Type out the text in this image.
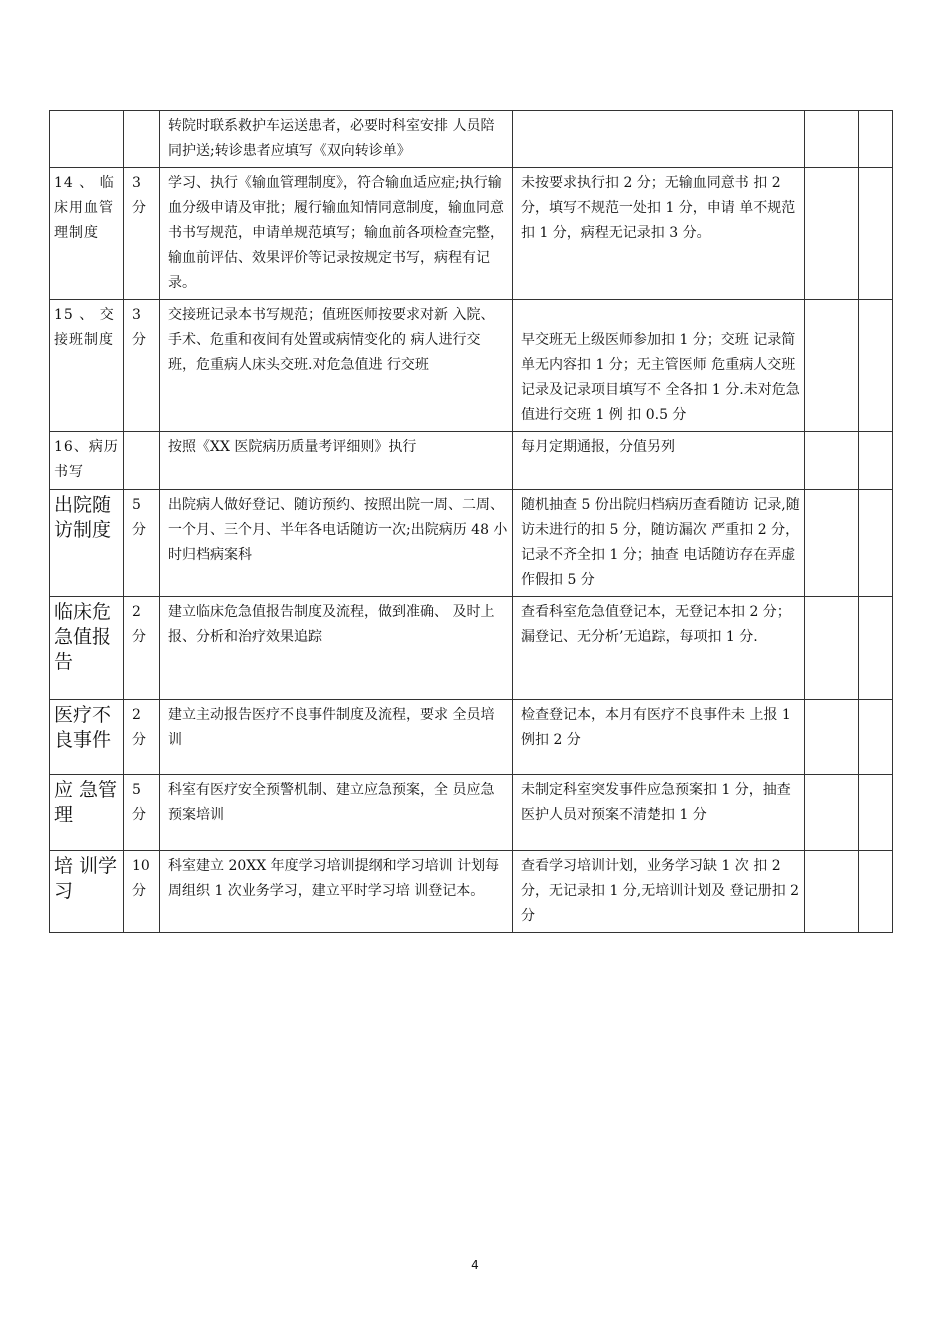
		转院时联系救护车运送患者，必要时科室安排 人员陪同护送;转诊患者应填写《双向转诊单》			
14 、 临 床用血管理制度	3 分	学习、执行《输血管理制度》，符合输血适应症;执行输血分级申请及审批；履行输血知情同意制度，输血同意书书写规范，申请单规范填写；输血前各项检查完整，输血前评估、效果评价等记录按规定书写，病程有记录。	未按要求执行扣 2 分；无输血同意书 扣 2 分，填写不规范一处扣 1 分，申请 单不规范扣 1 分，病程无记录扣 3 分。		
15 、 交 接班制度	3 分	交接班记录本书写规范；值班医师按要求对新 入院、手术、危重和夜间有处置或病情变化的 病人进行交班，危重病人床头交班.对危急值进 行交班	早交班无上级医师参加扣 1 分；交班 记录简单无内容扣 1 分；无主管医师 危重病人交班记录及记录项目填写不 全各扣 1 分.未对危急值进行交班 1 例 扣 0.5 分		
16、病历书写		按照《XX 医院病历质量考评细则》执行	每月定期通报，分值另列		
出院随访制度	5 分	出院病人做好登记、随访预约、按照出院一周、二周、一个月、三个月、半年各电话随访一次;出院病历 48 小时归档病案科	随机抽查 5 份出院归档病历查看随访 记录,随访未进行的扣 5 分，随访漏次 严重扣 2 分，记录不齐全扣 1 分；抽查 电话随访存在弄虚作假扣 5 分		
临床危急值报告	2 分	建立临床危急值报告制度及流程，做到准确、 及时上报、分析和治疗效果追踪	查看科室危急值登记本，无登记本扣 2 分；漏登记、无分析’无追踪，每项扣 1 分.		
医疗不良事件	2 分	建立主动报告医疗不良事件制度及流程，要求 全员培训	检查登记本，本月有医疗不良事件未 上报 1 例扣 2 分		
应 急管理	5 分	科室有医疗安全预警机制、建立应急预案，全 员应急预案培训	未制定科室突发事件应急预案扣 1 分，抽查医护人员对预案不清楚扣 1 分		
培 训学习	10 分	科室建立 20XX 年度学习培训提纲和学习培训 计划每周组织 1 次业务学习，建立平时学习培 训登记本。	查看学习培训计划，业务学习缺 1 次 扣 2 分，无记录扣 1 分,无培训计划及 登记册扣 2 分		
4
